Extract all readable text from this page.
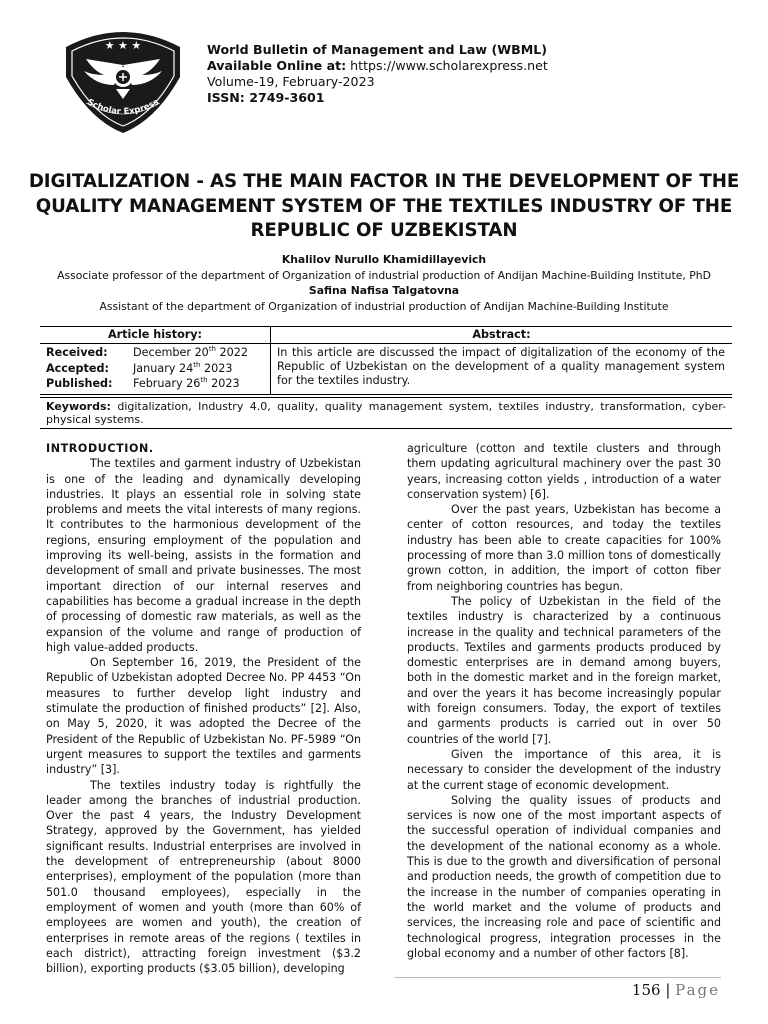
★ ★ ★
Scholar Express
World Bulletin of Management and Law (WBML)
Available Online at: https://www.scholarexpress.net
Volume-19, February-2023
ISSN: 2749-3601
DIGITALIZATION - AS THE MAIN FACTOR IN THE DEVELOPMENT OF THE QUALITY MANAGEMENT SYSTEM OF THE TEXTILES INDUSTRY OF THE REPUBLIC OF UZBEKISTAN
Khalilov Nurullo Khamidillayevich
Associate professor of the department of Organization of industrial production of Andijan Machine-Building Institute, PhD
Safina Nafisa Talgatovna
Assistant of the department of Organization of industrial production of Andijan Machine-Building Institute
Article history:	Abstract:
Received:	December 20th 2022
Accepted:	January 24th 2023
Published:	February 26th 2023
In this article are discussed the impact of digitalization of the economy of the Republic of Uzbekistan on the development of a quality management system for the textiles industry.
Keywords: digitalization, Industry 4.0, quality, quality management system, textiles industry, transformation, cyber-physical systems.

INTRODUCTION.

The textiles and garment industry of Uzbekistan is one of the leading and dynamically developing industries. It plays an essential role in solving state problems and meets the vital interests of many regions. It contributes to the harmonious development of the regions, ensuring employment of the population and improving its well-being, assists in the formation and development of small and private businesses. The most important direction of our internal reserves and capabilities has become a gradual increase in the depth of processing of domestic raw materials, as well as the expansion of the volume and range of production of high value-added products.

On September 16, 2019, the President of the Republic of Uzbekistan adopted Decree No. PP 4453 “On measures to further develop light industry and stimulate the production of finished products” [2]. Also, on May 5, 2020, it was adopted the Decree of the President of the Republic of Uzbekistan No. PF-5989 “On urgent measures to support the textiles and garments industry” [3].

The textiles industry today is rightfully the leader among the branches of industrial production. Over the past 4 years, the Industry Development Strategy, approved by the Government, has yielded significant results. Industrial enterprises are involved in the development of entrepreneurship (about 8000 enterprises), employment of the population (more than 501.0 thousand employees), especially in the employment of women and youth (more than 60% of employees are women and youth), the creation of enterprises in remote areas of the regions ( textiles in each district), attracting foreign investment ($3.2 billion), exporting products ($3.05 billion), developing

agriculture (cotton and textile clusters and through them updating agricultural machinery over the past 30 years, increasing cotton yields , introduction of a water conservation system) [6].

Over the past years, Uzbekistan has become a center of cotton resources, and today the textiles industry has been able to create capacities for 100% processing of more than 3.0 million tons of domestically grown cotton, in addition, the import of cotton fiber from neighboring countries has begun.

The policy of Uzbekistan in the field of the textiles industry is characterized by a continuous increase in the quality and technical parameters of the products. Textiles and garments products produced by domestic enterprises are in demand among buyers, both in the domestic market and in the foreign market, and over the years it has become increasingly popular with foreign consumers. Today, the export of textiles and garments products is carried out in over 50 countries of the world [7].

Given the importance of this area, it is necessary to consider the development of the industry at the current stage of economic development.

Solving the quality issues of products and services is now one of the most important aspects of the successful operation of individual companies and the development of the national economy as a whole. This is due to the growth and diversification of personal and production needs, the growth of competition due to the increase in the number of companies operating in the world market and the volume of products and services, the increasing role and pace of scientific and technological progress, integration processes in the global economy and a number of other factors [8].

156 | Page
